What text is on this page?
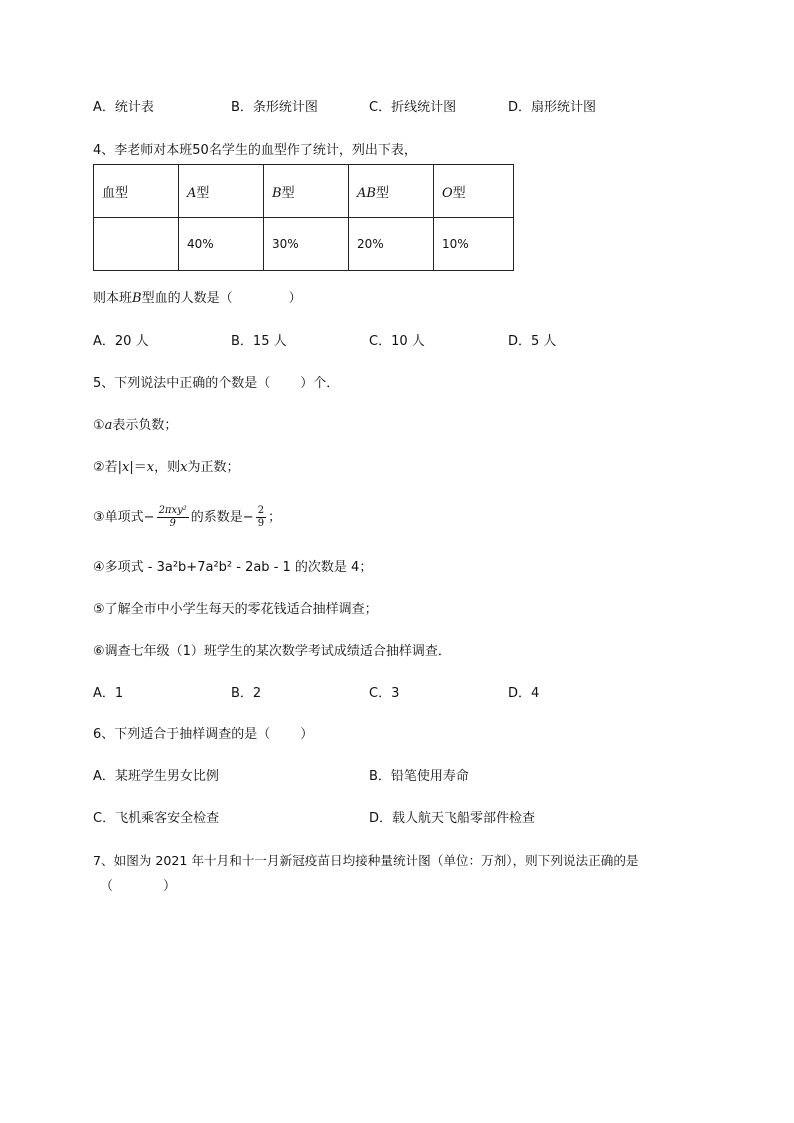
A．统计表	B．条形统计图	C．折线统计图	D．扇形统计图
4、李老师对本班50名学生的血型作了统计，列出下表，
血型	A型	B型	AB型	O型
	40%	30%	20%	10%
则本班B型血的人数是（	）
A．20 人	B．15 人	C．10 人	D．5 人
5、下列说法中正确的个数是（ ）个．
①a表示负数；
②若|x|＝x，则x为正数；
③单项式− $\frac{\text{2πxy²}}{9}$ 的系数是− $\frac{2}{9}$ ；
④多项式 - 3a²b+7a²b² - 2ab - 1 的次数是 4；
⑤了解全市中小学生每天的零花钱适合抽样调查；
⑥调查七年级（1）班学生的某次数学考试成绩适合抽样调查．
A．1	B．2	C．3	D．4
6、下列适合于抽样调查的是（ ）
A．某班学生男女比例	B．铅笔使用寿命
C．飞机乘客安全检查	D．载人航天飞船零部件检查
7、如图为 2021 年十月和十一月新冠疫苗日均接种量统计图（单位：万剂），则下列说法正确的是
（	）
